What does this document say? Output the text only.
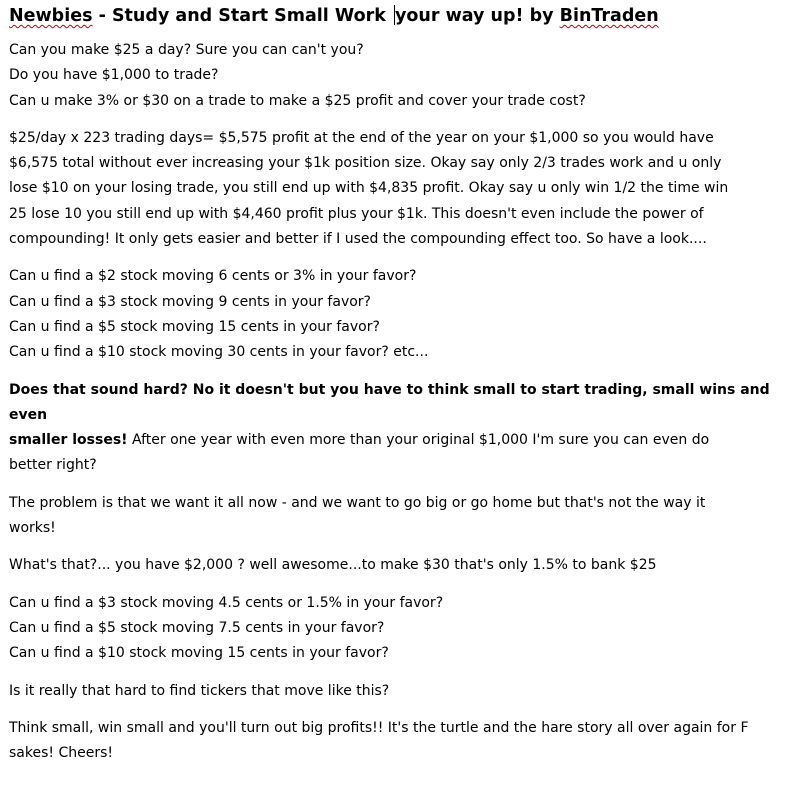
Newbies - Study and Start Small Work your way up! by BinTraden

Can you make $25 a day? Sure you can can't you?
Do you have $1,000 to trade?
Can u make 3% or $30 on a trade to make a $25 profit and cover your trade cost?

$25/day x 223 trading days= $5,575 profit at the end of the year on your $1,000 so you would have
$6,575 total without ever increasing your $1k position size. Okay say only 2/3 trades work and u only
lose $10 on your losing trade, you still end up with $4,835 profit. Okay say u only win 1/2 the time win
25 lose 10 you still end up with $4,460 profit plus your $1k. This doesn't even include the power of
compounding! It only gets easier and better if I used the compounding effect too. So have a look....

Can u find a $2 stock moving 6 cents or 3% in your favor?
Can u find a $3 stock moving 9 cents in your favor?
Can u find a $5 stock moving 15 cents in your favor?
Can u find a $10 stock moving 30 cents in your favor? etc...

Does that sound hard? No it doesn't but you have to think small to start trading, small wins and even
smaller losses! After one year with even more than your original $1,000 I'm sure you can even do
better right?

The problem is that we want it all now - and we want to go big or go home but that's not the way it
works!

What's that?... you have $2,000 ? well awesome...to make $30 that's only 1.5% to bank $25

Can u find a $3 stock moving 4.5 cents or 1.5% in your favor?
Can u find a $5 stock moving 7.5 cents in your favor?
Can u find a $10 stock moving 15 cents in your favor?

Is it really that hard to find tickers that move like this?

Think small, win small and you'll turn out big profits!! It's the turtle and the hare story all over again for F
sakes! Cheers!
